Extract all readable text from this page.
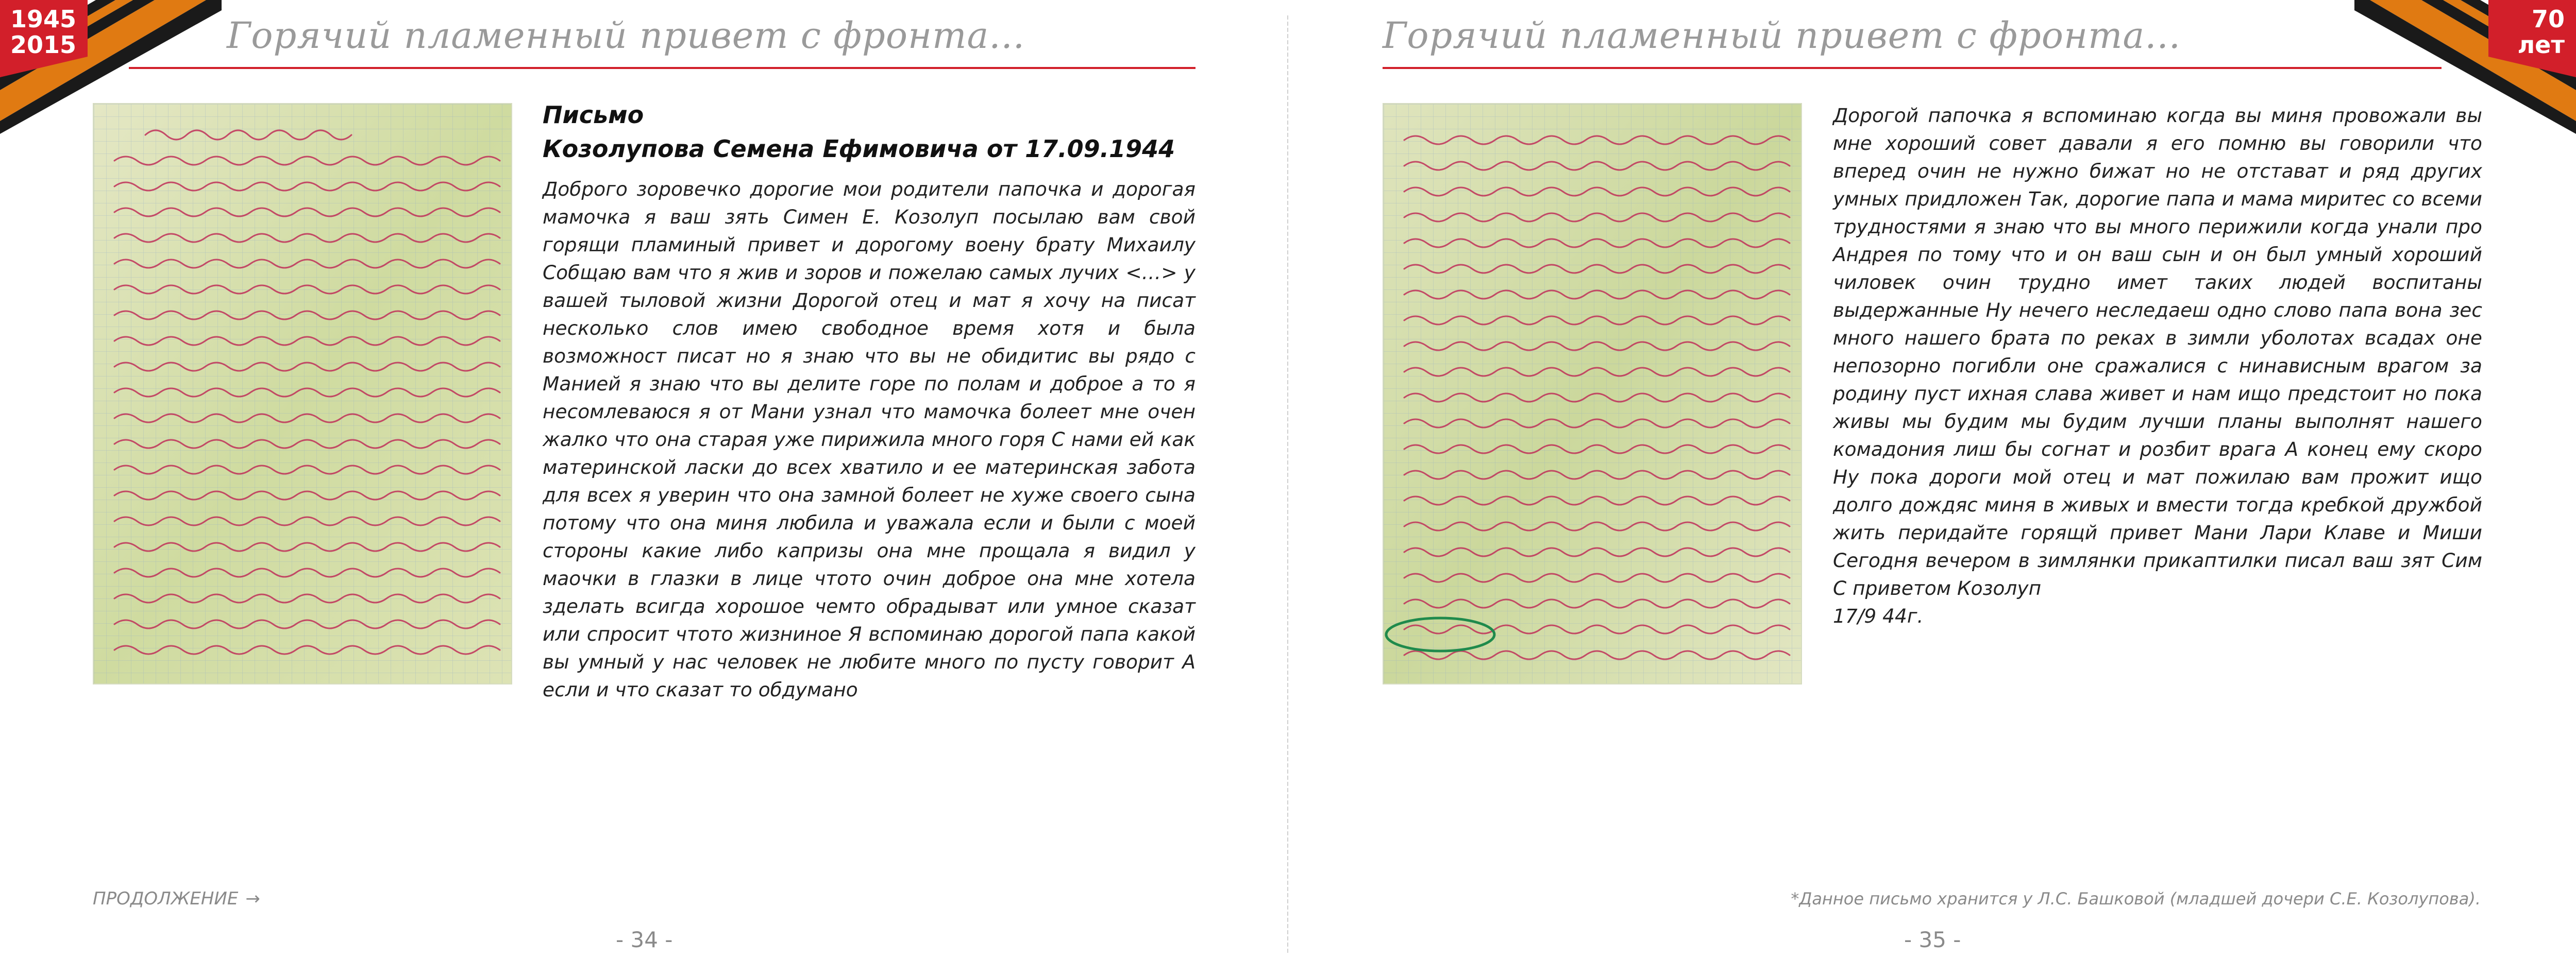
1945
2015	Горячий пламенный привет с фронта...
Письмо
Козолупова Семена Ефимовича от 17.09.1944

Доброго зоровечко дорогие мои родители папочка и дорогая мамочка я ваш зять Симен Е. Козолуп посылаю вам свой горящи пламиный привет и дорогому воену брату Михаилу Собщаю вам что я жив и зоров и пожелаю самых лучих <…> у вашей тыловой жизни Дорогой отец и мат я хочу на писат несколько слов имею свободное время хотя и была возможност писат но я знаю что вы не обидитис вы рядо с Манией я знаю что вы делите горе по полам и доброе а то я несомлеваюся я от Мани узнал что мамочка болеет мне очен жалко что она старая уже пирижила много горя С нами ей как материнской ласки до всех хватило и ее материнская забота для всех я уверин что она замной болеет не хуже своего сына потому что она миня любила и уважала если и были с моей стороны какие либо капризы она мне прощала я видил у маочки в глазки в лице чтото очин доброе она мне хотела зделать всигда хорошое чемто обрадыват или умное сказат или спросит чтото жизниное Я вспоминаю дорогой папа какой вы умный у нас человек не любите много по пусту говорит А если и что сказат то обдумано

ПРОДОЛЖЕНИЕ →
- 34 -
70
лет
Горячий пламенный привет с фронта...

Дорогой папочка я вспоминаю когда вы миня провожали вы мне хороший совет давали я его помню вы говорили что вперед очин не нужно бижат но не отстават и ряд других умных придложен Так, дорогие папа и мама миритес со всеми трудностями я знаю что вы много перижили когда унали про Андрея по тому что и он ваш сын и он был умный хороший чиловек очин трудно имет таких людей воспитаны выдержанные Ну нечего неследаеш одно слово папа вона зес много нашего брата по реках в зимли уболотах всадах оне непозорно погибли оне сражалися с нинависным врагом за родину пуст ихная слава живет и нам ищо предстоит но пока живы мы будим мы будим лучши планы выполнят нашего комадония лиш бы согнат и розбит врага А конец ему скоро Ну пока дороги мой отец и мат пожилаю вам прожит ищо долго дождяс миня в живых и вмести тогда кребкой дружбой жить перидайте горящй привет Мани Лари Клаве и Миши Сегодня вечером в зимлянки прикаптилки писал ваш зят Сим С приветом Козолуп

17/9 44г.

*Данное письмо хранится у Л.С. Башковой (младшей дочери С.Е. Козолупова).
- 35 -
